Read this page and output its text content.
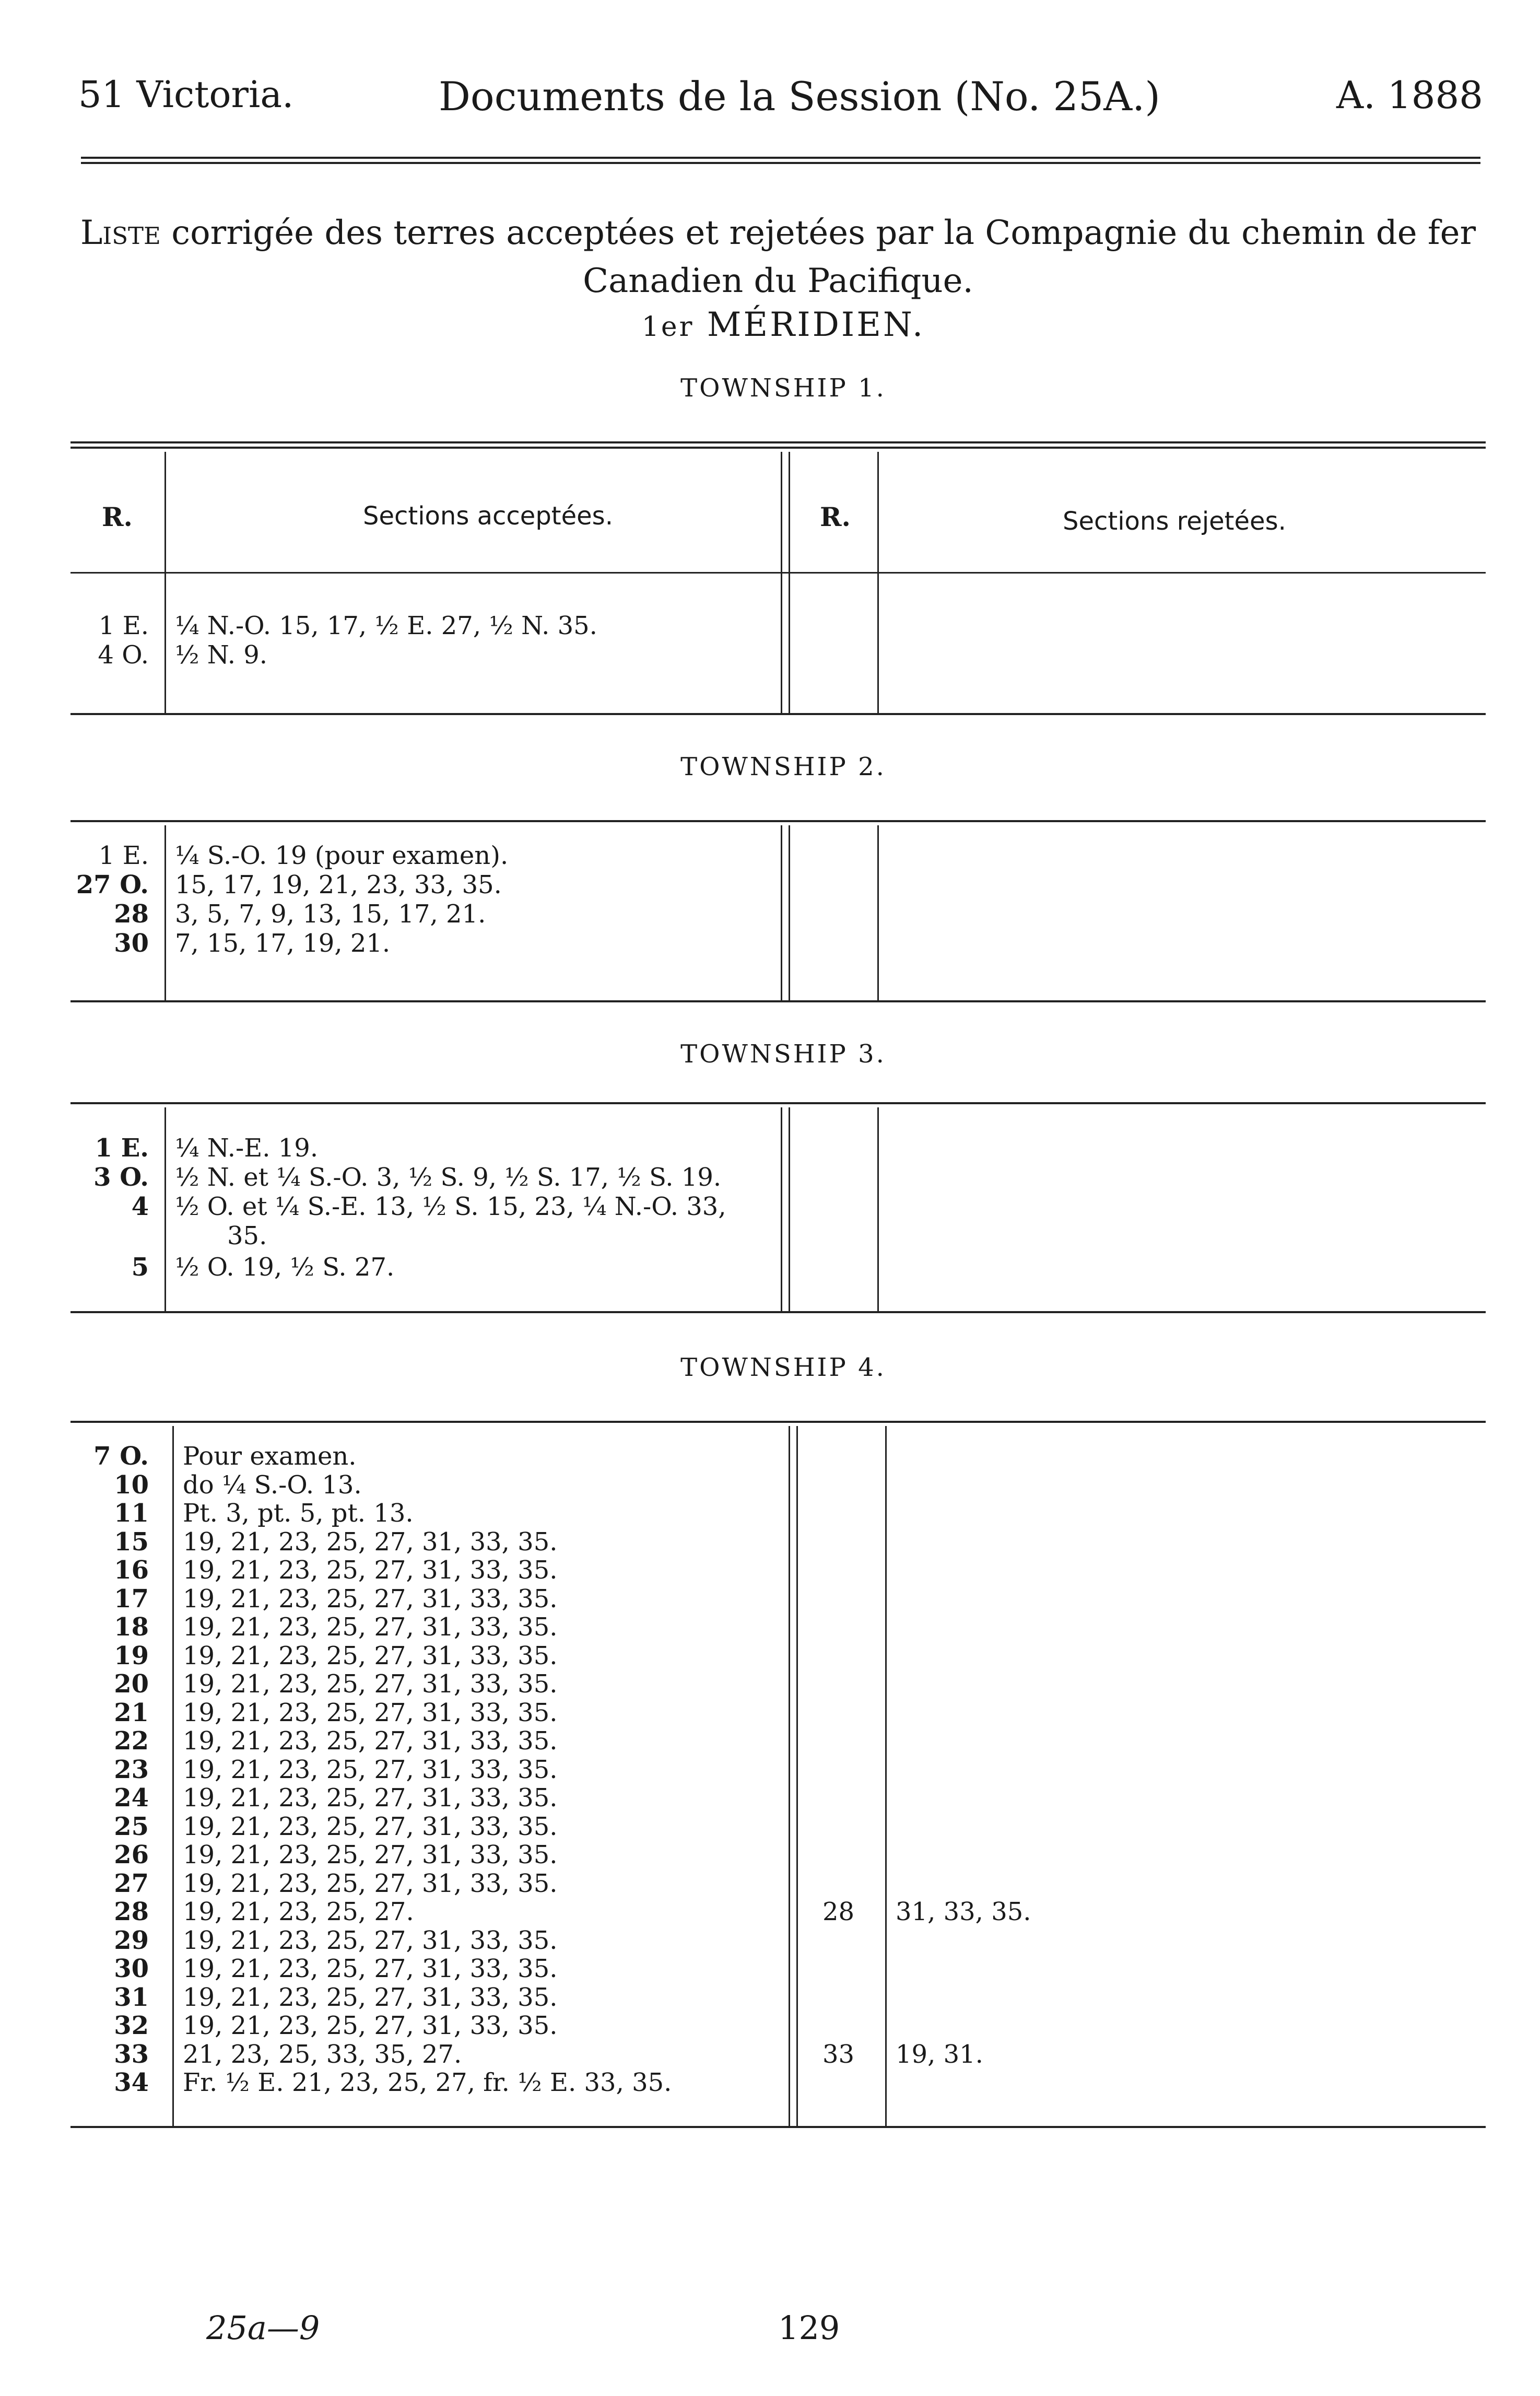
51 Victoria.	Documents de la Session (No. 25A.)	A. 1888
Liste corrigée des terres acceptées et rejetées par la Compagnie du chemin de fer
Canadien du Pacifique.
1er MÉRIDIEN.
TOWNSHIP 1.
R.	Sections acceptées.	R.	Sections rejetées.
1 E. ¼ N.-O. 15, 17, ½ E. 27, ½ N. 35.
4 O. ½ N. 9.
TOWNSHIP 2.
1 E. ¼ S.-O. 19 (pour examen).
27 O. 15, 17, 19, 21, 23, 33, 35.
28 3, 5, 7, 9, 13, 15, 17, 21.
30 7, 15, 17, 19, 21.
TOWNSHIP 3.
1 E. ¼ N.-E. 19.
3 O. ½ N. et ¼ S.-O. 3, ½ S. 9, ½ S. 17, ½ S. 19.
4 ½ O. et ¼ S.-E. 13, ½ S. 15, 23, ¼ N.-O. 33,
35.
5 ½ O. 19, ½ S. 27.
TOWNSHIP 4.
7 O. Pour examen.
10 do ¼ S.-O. 13.
11 Pt. 3, pt. 5, pt. 13.
15 19, 21, 23, 25, 27, 31, 33, 35.
16 19, 21, 23, 25, 27, 31, 33, 35.
17 19, 21, 23, 25, 27, 31, 33, 35.
18 19, 21, 23, 25, 27, 31, 33, 35.
19 19, 21, 23, 25, 27, 31, 33, 35.
20 19, 21, 23, 25, 27, 31, 33, 35.
21 19, 21, 23, 25, 27, 31, 33, 35.
22 19, 21, 23, 25, 27, 31, 33, 35.
23 19, 21, 23, 25, 27, 31, 33, 35.
24 19, 21, 23, 25, 27, 31, 33, 35.
25 19, 21, 23, 25, 27, 31, 33, 35.
26 19, 21, 23, 25, 27, 31, 33, 35.
27 19, 21, 23, 25, 27, 31, 33, 35.
28 19, 21, 23, 25, 27.	28 31, 33, 35.
29 19, 21, 23, 25, 27, 31, 33, 35.
30 19, 21, 23, 25, 27, 31, 33, 35.
31 19, 21, 23, 25, 27, 31, 33, 35.
32 19, 21, 23, 25, 27, 31, 33, 35.
33 21, 23, 25, 33, 35, 27.	33 19, 31.
34 Fr. ½ E. 21, 23, 25, 27, fr. ½ E. 33, 35.
25a—9	129
